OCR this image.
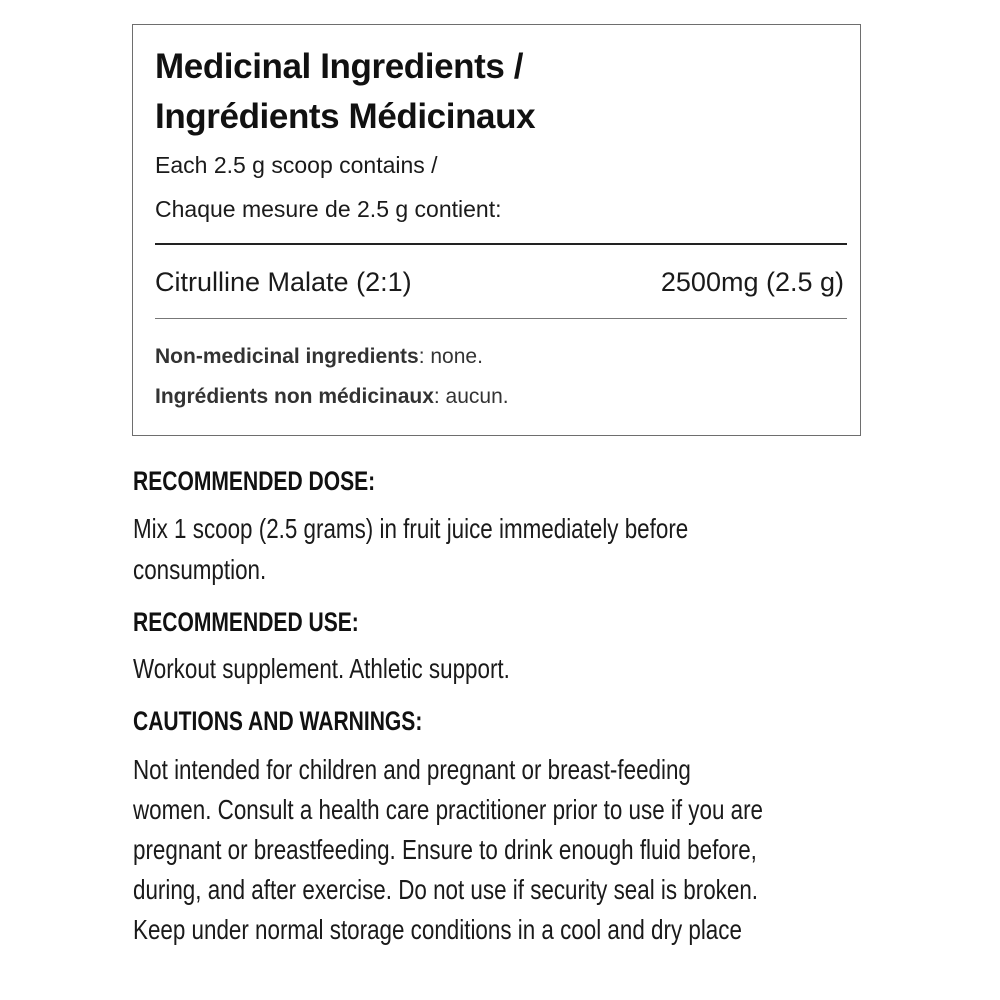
Medicinal Ingredients /
Ingrédients Médicinaux
Each 2.5 g scoop contains /
Chaque mesure de 2.5 g contient:
Citrulline Malate (2:1)	2500mg (2.5 g)
Non-medicinal ingredients: none.
Ingrédients non médicinaux: aucun.
RECOMMENDED DOSE:
Mix 1 scoop (2.5 grams) in fruit juice immediately before
consumption.
RECOMMENDED USE:
Workout supplement. Athletic support.
CAUTIONS AND WARNINGS:
Not intended for children and pregnant or breast-feeding
women. Consult a health care practitioner prior to use if you are
pregnant or breastfeeding. Ensure to drink enough fluid before,
during, and after exercise. Do not use if security seal is broken.
Keep under normal storage conditions in a cool and dry place
